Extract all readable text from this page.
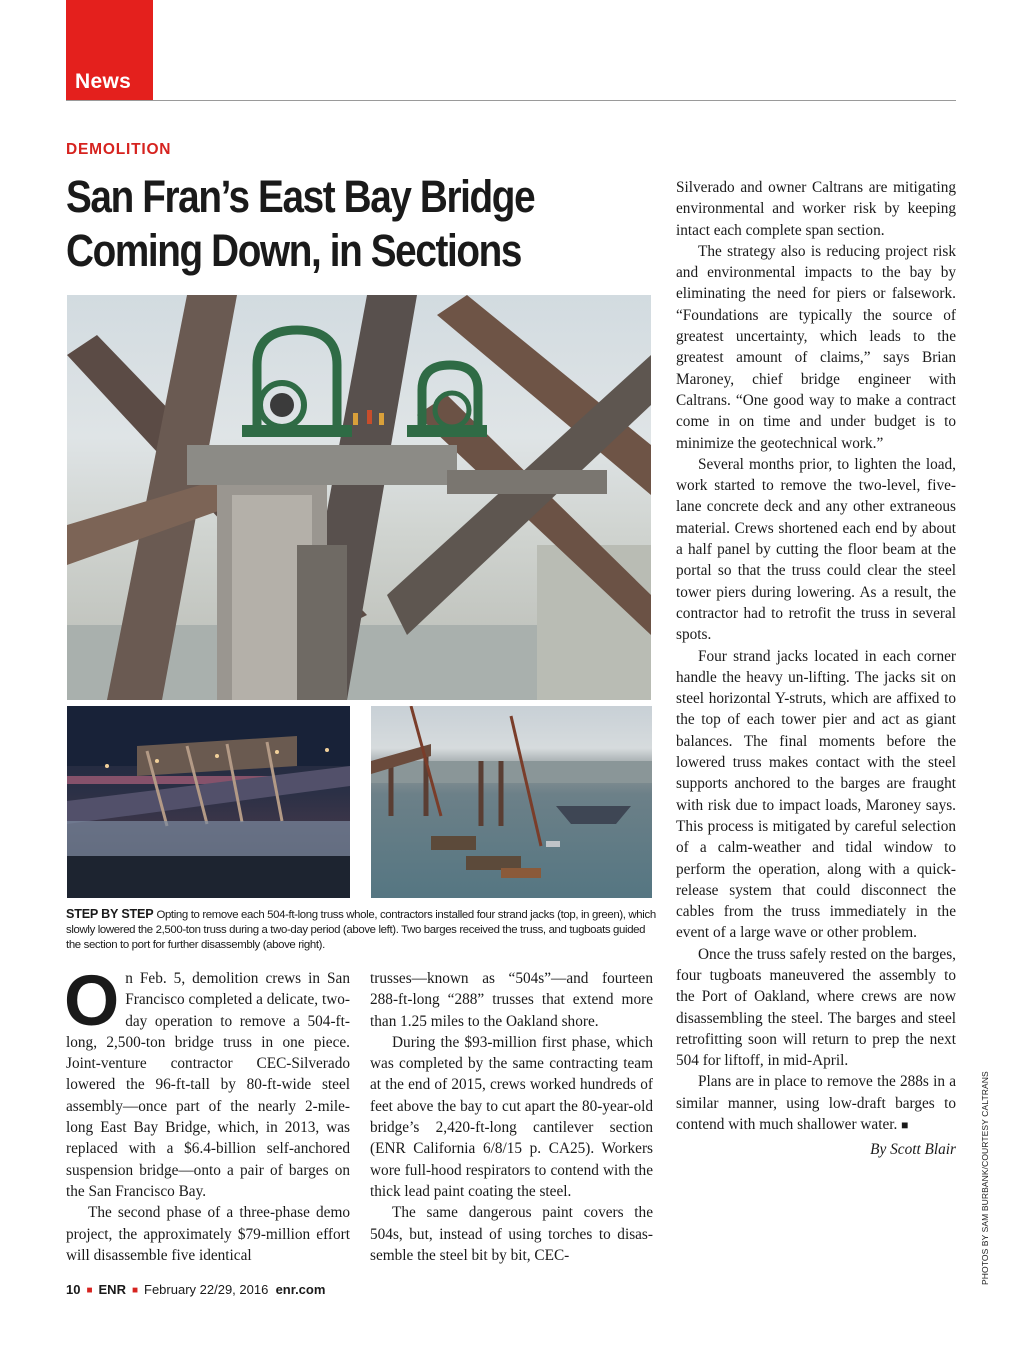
News
DEMOLITION
San Fran’s East Bay Bridge
Coming Down, in Sections
STEP BY STEP Opting to remove each 504-ft-long truss whole, contractors installed four strand jacks (top, in green), which slowly lowered the 2,500-ton truss during a two-day period (above left). Two barges received the truss, and tugboats guided the section to port for further disassembly (above right).

On Feb. 5, demolition crews in San Francisco completed a delicate, two-day operation to remove a 504-ft-long, 2,500-ton bridge truss in one piece. Joint-venture contractor CEC-Silverado lowered the 96-ft-tall by 80-ft-wide steel assembly—once part of the nearly 2-mile-long East Bay Bridge, which, in 2013, was replaced with a $6.4-billion self-anchored suspension bridge—onto a pair of barges on the San Francisco Bay.

The second phase of a three-phase demo project, the approximately $79-million effort will disassemble five identical

trusses—known as “504s”—and fourteen 288-ft-long “288” trusses that extend more than 1.25 miles to the Oakland shore.

During the $93-million first phase, which was completed by the same contracting team at the end of 2015, crews worked hundreds of feet above the bay to cut apart the 80-year-old bridge’s 2,420-ft-long cantilever section (ENR California 6/8/15 p. CA25). Workers wore full-hood respirators to contend with the thick lead paint coating the steel.

The same dangerous paint covers the 504s, but, instead of using torches to disassemble the steel bit by bit, CEC-

Silverado and owner Caltrans are mitigating environmental and worker risk by keeping intact each complete span section.

The strategy also is reducing project risk and environmental impacts to the bay by eliminating the need for piers or falsework. “Foundations are typically the source of greatest uncertainty, which leads to the greatest amount of claims,” says Brian Maroney, chief bridge engineer with Caltrans. “One good way to make a contract come in on time and under budget is to minimize the geotechnical work.”

Several months prior, to lighten the load, work started to remove the two-level, five-lane concrete deck and any other extraneous material. Crews shortened each end by about a half panel by cutting the floor beam at the portal so that the truss could clear the steel tower piers during lowering. As a result, the contractor had to retrofit the truss in several spots.

Four strand jacks located in each corner handle the heavy un-lifting. The jacks sit on steel horizontal Y-struts, which are affixed to the top of each tower pier and act as giant balances. The final moments before the lowered truss makes contact with the steel supports anchored to the barges are fraught with risk due to impact loads, Maroney says. This process is mitigated by careful selection of a calm-weather and tidal window to perform the operation, along with a quick-release system that could disconnect the cables from the truss immediately in the event of a large wave or other problem.

Once the truss safely rested on the barges, four tugboats maneuvered the assembly to the Port of Oakland, where crews are now disassembling the steel. The barges and steel retrofitting soon will return to prep the next 504 for liftoff, in mid-April.

Plans are in place to remove the 288s in a similar manner, using low-draft barges to contend with much shallower water. ■

By Scott Blair	PHOTOS BY SAM BURBANK/COURTESY CALTRANS
10 ■ ENR ■ February 22/29, 2016 enr.com
